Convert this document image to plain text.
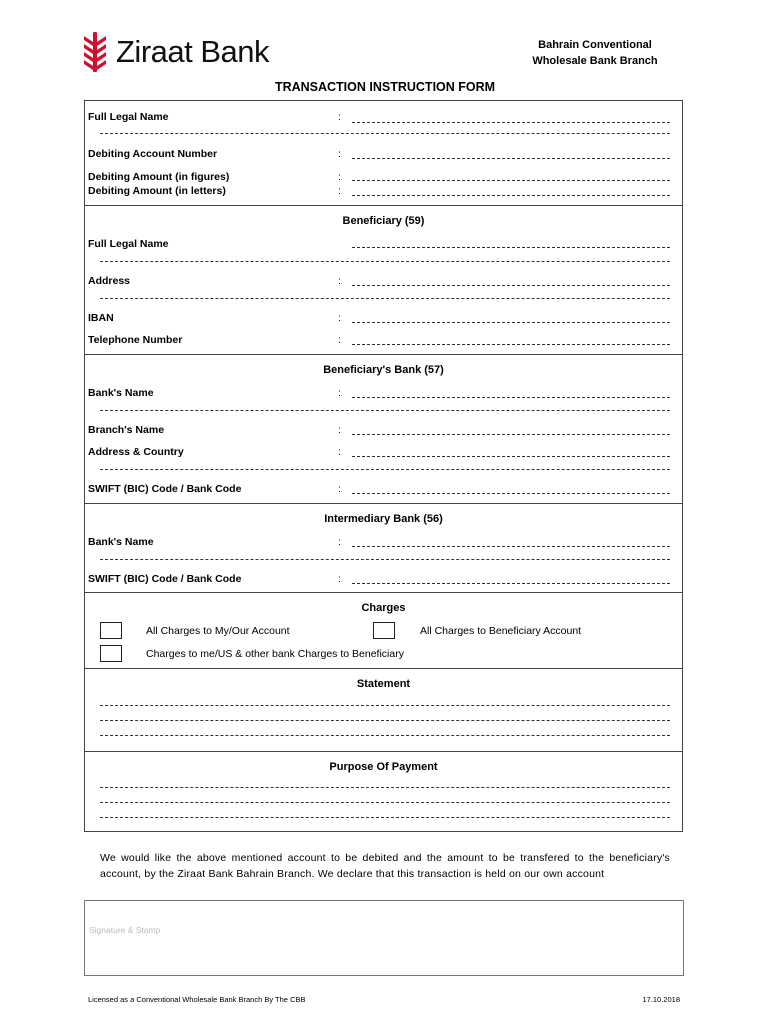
Ziraat Bank	Bahrain Conventional
Wholesale Bank Branch
TRANSACTION INSTRUCTION FORM
Full Legal Name	:
Debiting Account Number	:
Debiting Amount (in figures)	:
Debiting Amount (in letters)	:
Beneficiary (59)
Full Legal Name
Address	:
IBAN	:
Telephone Number	:
Beneficiary's Bank (57)
Bank's Name	:
Branch's Name	:
Address & Country	:
SWIFT (BIC) Code / Bank Code	:
Intermediary Bank (56)
Bank's Name	:
SWIFT (BIC) Code / Bank Code	:
Charges
All Charges to My/Our Account	All Charges to Beneficiary Account
Charges to me/US & other bank Charges to Beneficiary
Statement
Purpose Of Payment
We would like the above mentioned account to be debited and the amount to be transfered to the beneficiary's account, by the Ziraat Bank Bahrain Branch. We declare that this transaction is held on our own account
Signature & Stamp
Licensed as a Conventional Wholesale Bank Branch By The CBB	17.10.2018
